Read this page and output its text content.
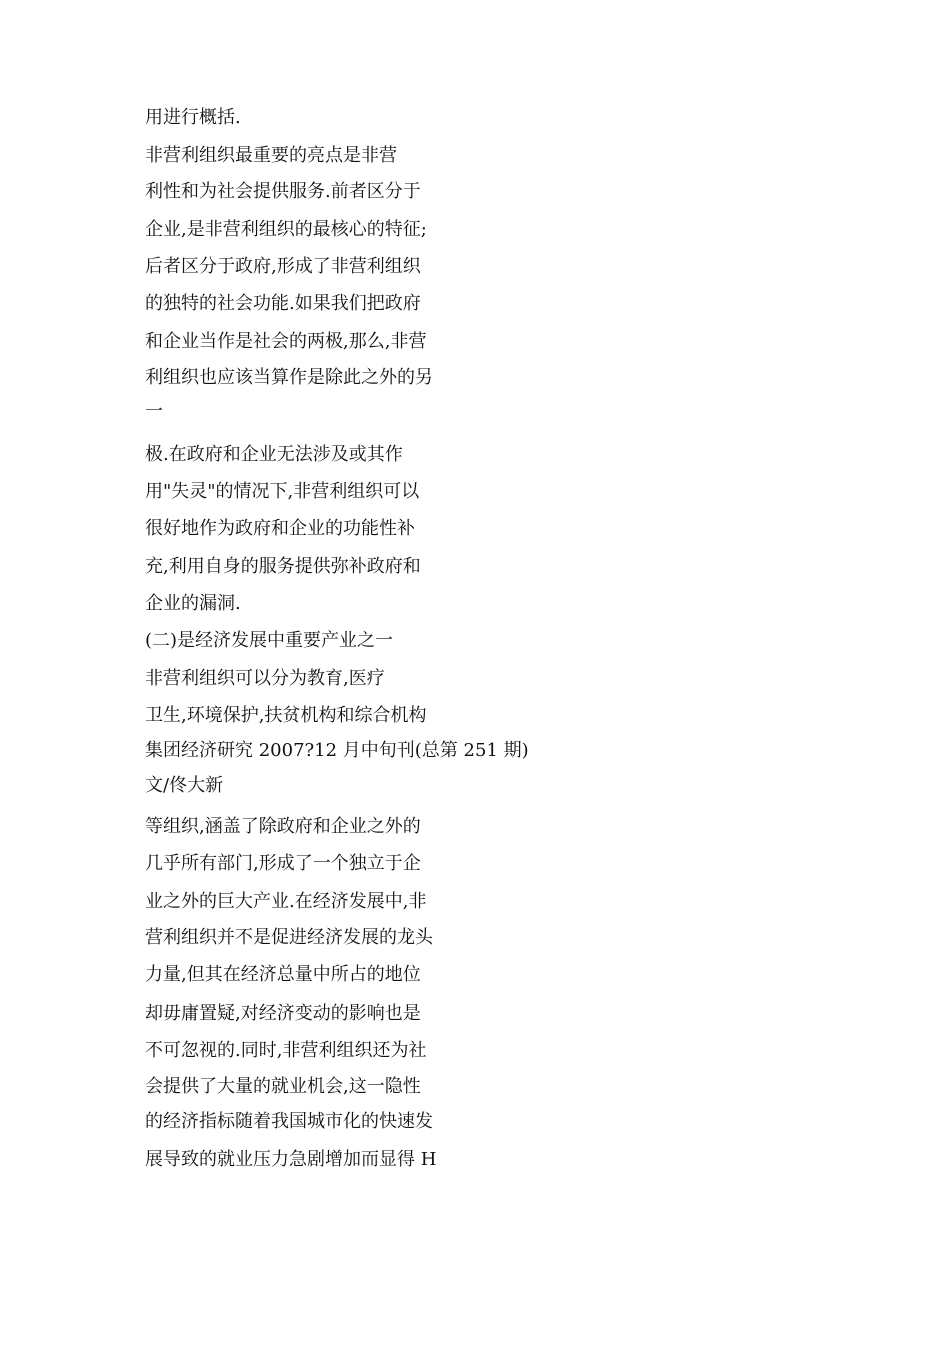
用进行概括.
非营利组织最重要的亮点是非营
利性和为社会提供服务.前者区分于
企业,是非营利组织的最核心的特征;
后者区分于政府,形成了非营利组织
的独特的社会功能.如果我们把政府
和企业当作是社会的两极,那么,非营
利组织也应该当算作是除此之外的另
一
极.在政府和企业无法涉及或其作
用"失灵"的情况下,非营利组织可以
很好地作为政府和企业的功能性补
充,利用自身的服务提供弥补政府和
企业的漏洞.
(二)是经济发展中重要产业之一
非营利组织可以分为教育,医疗
卫生,环境保护,扶贫机构和综合机构
集团经济研究 2007?12 月中旬刊(总第 251 期)
文/佟大新
等组织,涵盖了除政府和企业之外的
几乎所有部门,形成了一个独立于企
业之外的巨大产业.在经济发展中,非
营利组织并不是促进经济发展的龙头
力量,但其在经济总量中所占的地位
却毋庸置疑,对经济变动的影响也是
不可忽视的.同时,非营利组织还为社
会提供了大量的就业机会,这一隐性
的经济指标随着我国城市化的快速发
展导致的就业压力急剧增加而显得 H
